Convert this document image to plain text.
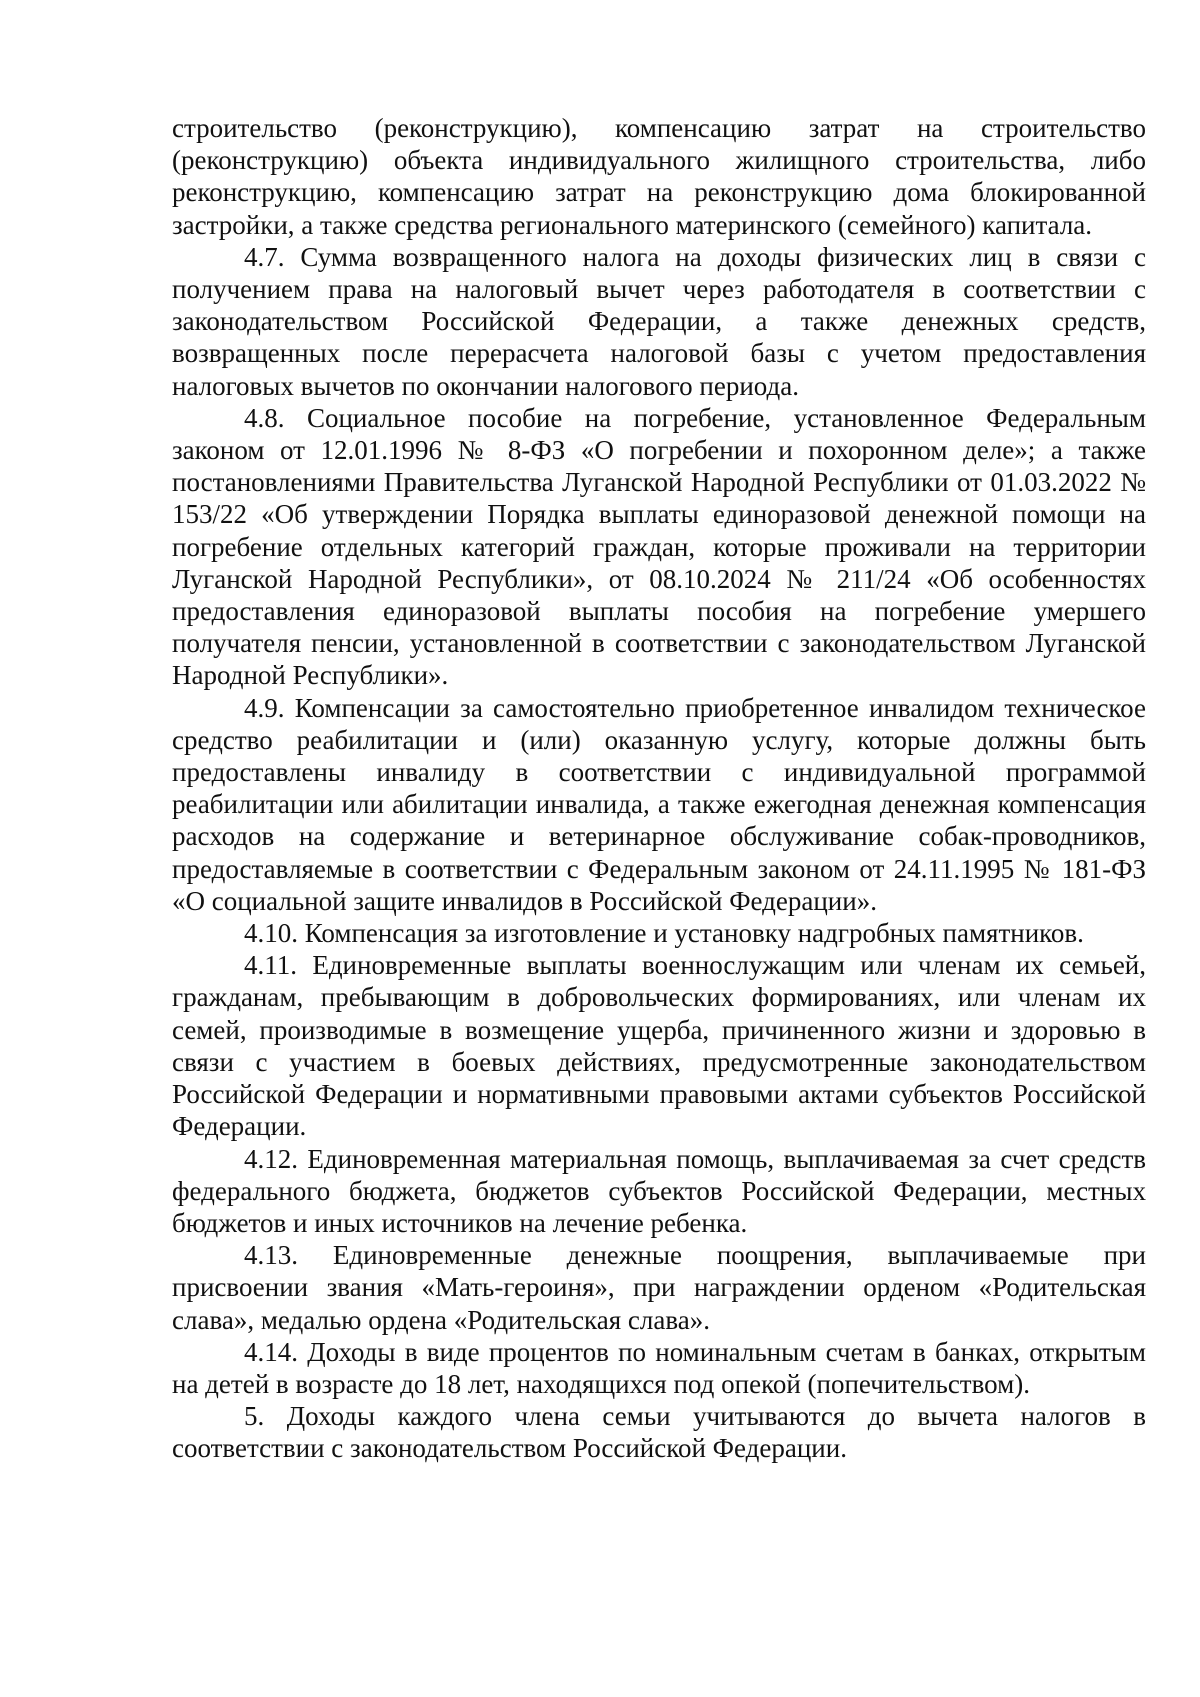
строительство (реконструкцию), компенсацию затрат на строительство (реконструкцию) объекта индивидуального жилищного строительства, либо реконструкцию, компенсацию затрат на реконструкцию дома блокированной застройки, а также средства регионального материнского (семейного) капитала.

4.7. Сумма возвращенного налога на доходы физических лиц в связи с получением права на налоговый вычет через работодателя в соответствии с законодательством Российской Федерации, а также денежных средств, возвращенных после перерасчета налоговой базы с учетом предоставления налоговых вычетов по окончании налогового периода.

4.8. Социальное пособие на погребение, установленное Федеральным законом от 12.01.1996 № 8-ФЗ «О погребении и похоронном деле»; а также постановлениями Правительства Луганской Народной Республики от 01.03.2022 № 153/22 «Об утверждении Порядка выплаты единоразовой денежной помощи на погребение отдельных категорий граждан, которые проживали на территории Луганской Народной Республики», от 08.10.2024 № 211/24 «Об особенностях предоставления единоразовой выплаты пособия на погребение умершего получателя пенсии, установленной в соответствии с законодательством Луганской Народной Республики».

4.9. Компенсации за самостоятельно приобретенное инвалидом техническое средство реабилитации и (или) оказанную услугу, которые должны быть предоставлены инвалиду в соответствии с индивидуальной программой реабилитации или абилитации инвалида, а также ежегодная денежная компенсация расходов на содержание и ветеринарное обслуживание собак-проводников, предоставляемые в соответствии с Федеральным законом от 24.11.1995 № 181-ФЗ «О социальной защите инвалидов в Российской Федерации».

4.10. Компенсация за изготовление и установку надгробных памятников.

4.11. Единовременные выплаты военнослужащим или членам их семьей, гражданам, пребывающим в добровольческих формированиях, или членам их семей, производимые в возмещение ущерба, причиненного жизни и здоровью в связи с участием в боевых действиях, предусмотренные законодательством Российской Федерации и нормативными правовыми актами субъектов Российской Федерации.

4.12. Единовременная материальная помощь, выплачиваемая за счет средств федерального бюджета, бюджетов субъектов Российской Федерации, местных бюджетов и иных источников на лечение ребенка.

4.13. Единовременные денежные поощрения, выплачиваемые при присвоении звания «Мать-героиня», при награждении орденом «Родительская слава», медалью ордена «Родительская слава».

4.14. Доходы в виде процентов по номинальным счетам в банках, открытым на детей в возрасте до 18 лет, находящихся под опекой (попечительством).

5. Доходы каждого члена семьи учитываются до вычета налогов в соответствии с законодательством Российской Федерации.
